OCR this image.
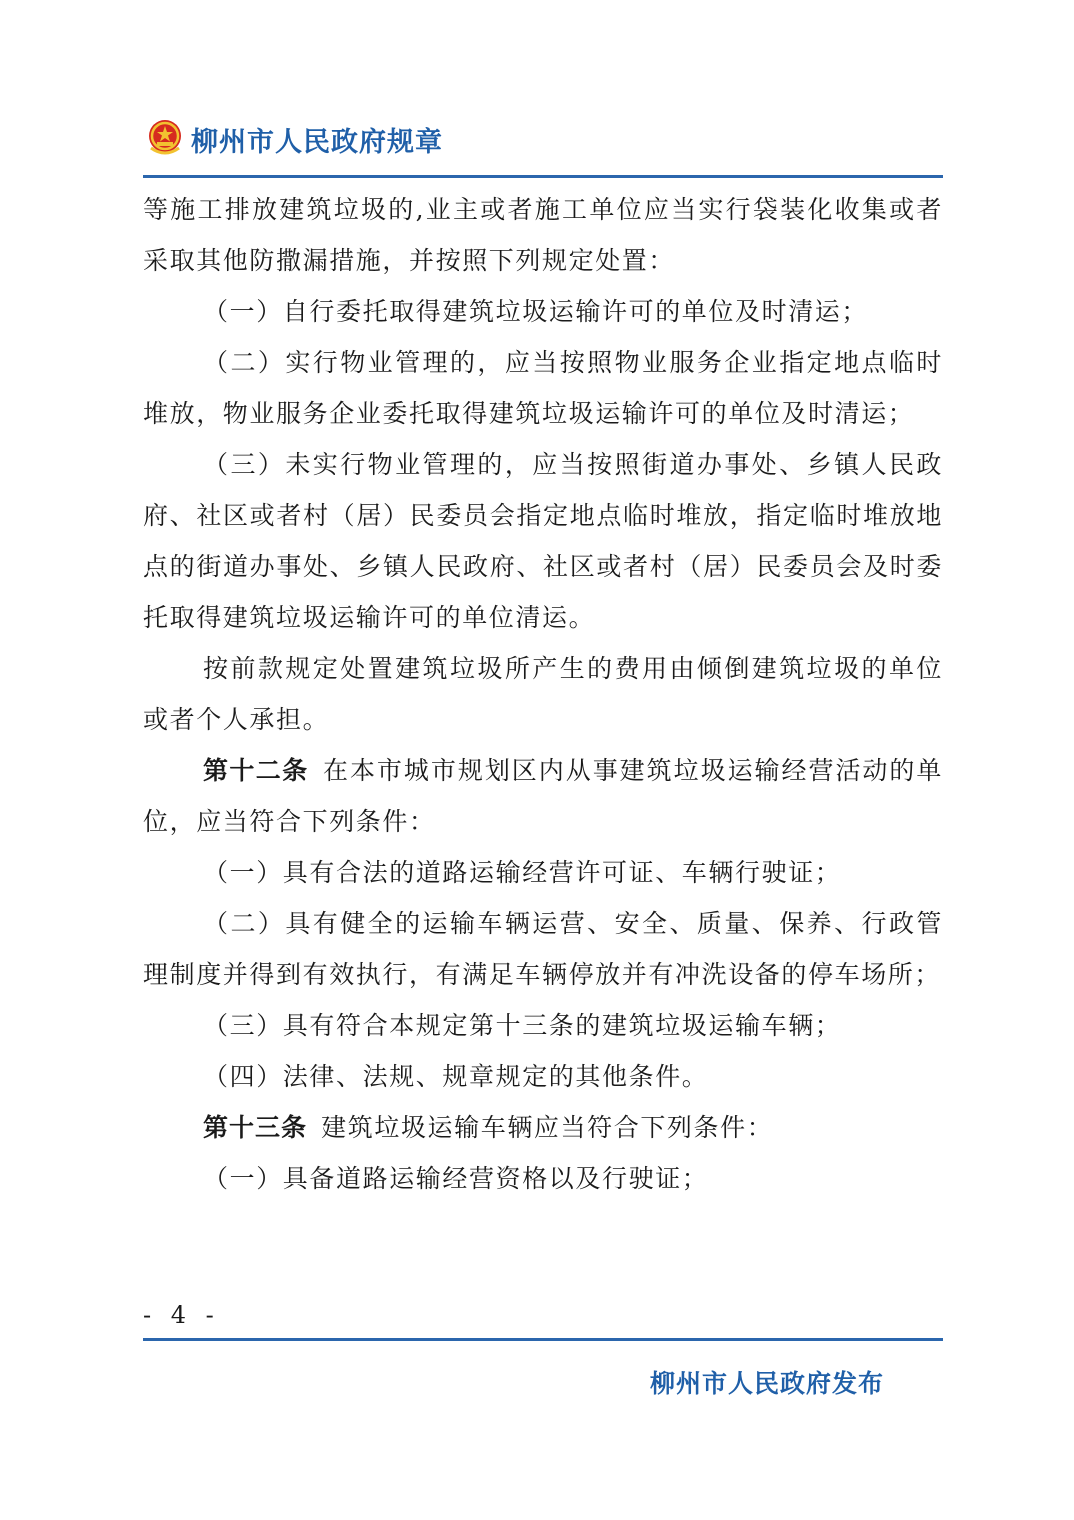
柳州市人民政府规章

等施工排放建筑垃圾的,业主或者施工单位应当实行袋装化收集或者采取其他防撒漏措施，并按照下列规定处置：

（一）自行委托取得建筑垃圾运输许可的单位及时清运；

（二）实行物业管理的，应当按照物业服务企业指定地点临时堆放，物业服务企业委托取得建筑垃圾运输许可的单位及时清运；

（三）未实行物业管理的，应当按照街道办事处、乡镇人民政府、社区或者村（居）民委员会指定地点临时堆放，指定临时堆放地点的街道办事处、乡镇人民政府、社区或者村（居）民委员会及时委托取得建筑垃圾运输许可的单位清运。

按前款规定处置建筑垃圾所产生的费用由倾倒建筑垃圾的单位或者个人承担。

第十二条  在本市城市规划区内从事建筑垃圾运输经营活动的单位，应当符合下列条件：

（一）具有合法的道路运输经营许可证、车辆行驶证；

（二）具有健全的运输车辆运营、安全、质量、保养、行政管理制度并得到有效执行，有满足车辆停放并有冲洗设备的停车场所；

（三）具有符合本规定第十三条的建筑垃圾运输车辆；

（四）法律、法规、规章规定的其他条件。

第十三条  建筑垃圾运输车辆应当符合下列条件：

（一）具备道路运输经营资格以及行驶证；

- 4 -
柳州市人民政府发布
